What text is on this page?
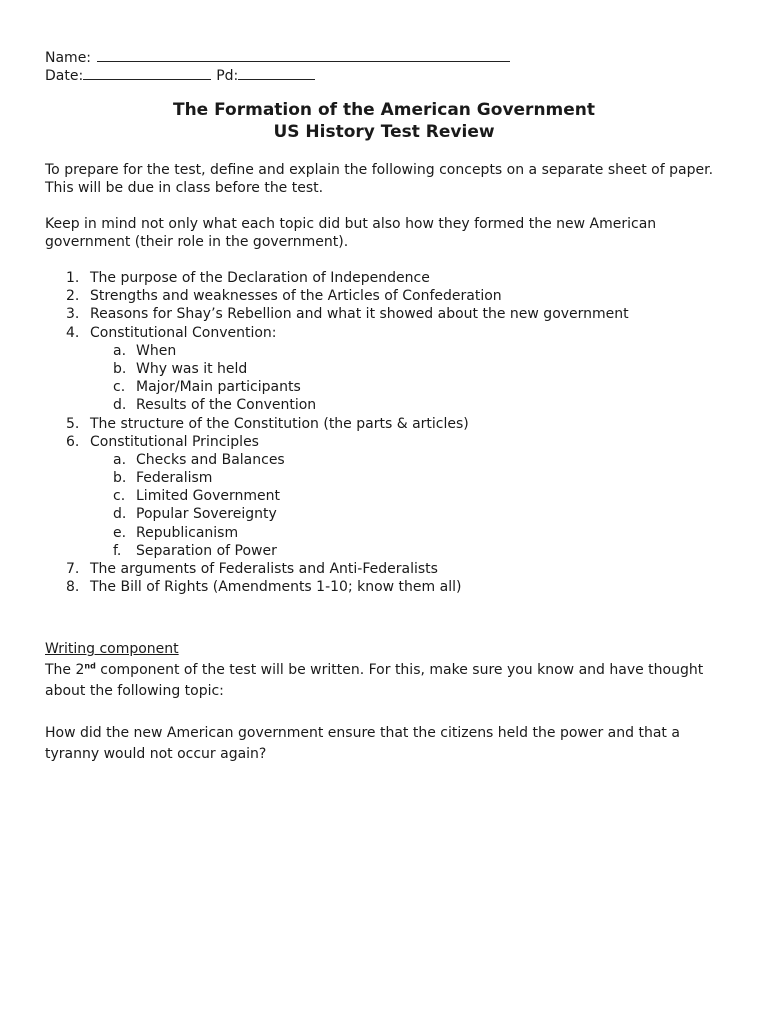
Name:
Date:	Pd:
The Formation of the American Government
US History Test Review
To prepare for the test, define and explain the following concepts on a separate sheet of paper. This will be due in class before the test.
Keep in mind not only what each topic did but also how they formed the new American government (their role in the government).
1. The purpose of the Declaration of Independence
2. Strengths and weaknesses of the Articles of Confederation
3. Reasons for Shay’s Rebellion and what it showed about the new government
4. Constitutional Convention:
a. When
b. Why was it held
c. Major/Main participants
d. Results of the Convention
5. The structure of the Constitution (the parts & articles)
6. Constitutional Principles
a. Checks and Balances
b. Federalism
c. Limited Government
d. Popular Sovereignty
e. Republicanism
f.	Separation of Power
7. The arguments of Federalists and Anti-Federalists
8. The Bill of Rights (Amendments 1-10; know them all)
Writing component
The 2nd component of the test will be written. For this, make sure you know and have thought about the following topic:
How did the new American government ensure that the citizens held the power and that a tyranny would not occur again?
